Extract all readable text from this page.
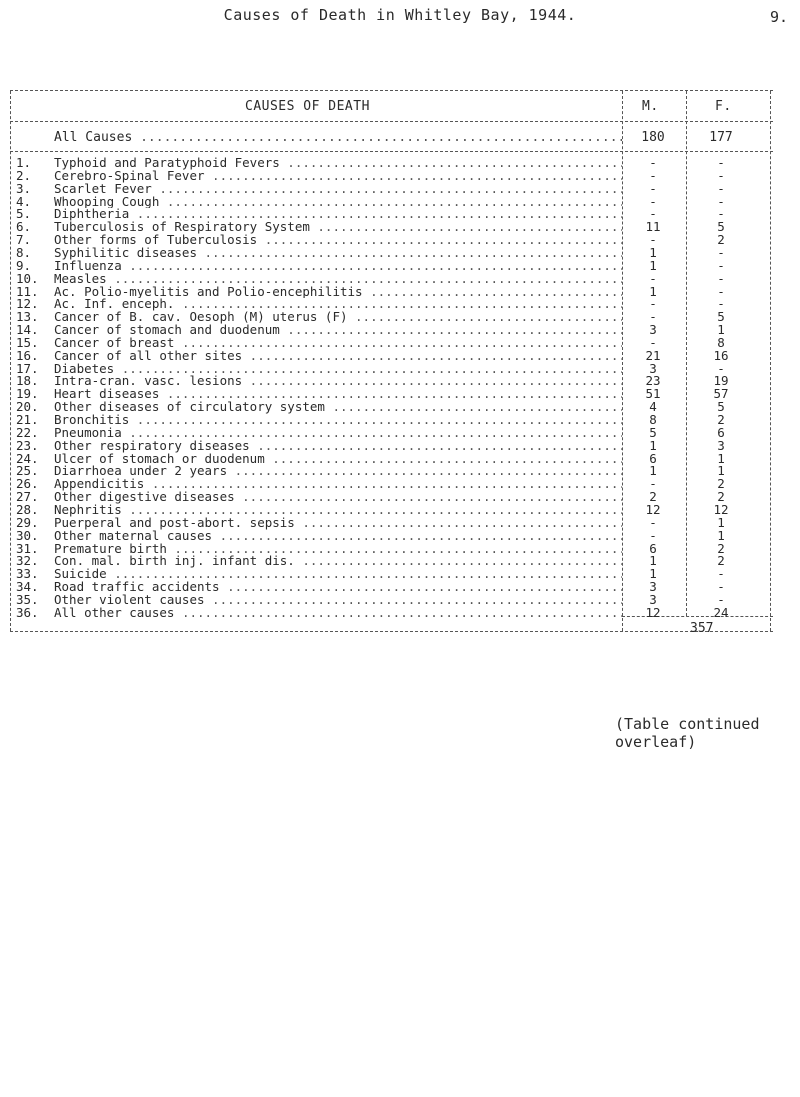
9.
Causes of Death in Whitley Bay, 1944.
CAUSES OF DEATH	M.	F.
All Causes .....	180	177
1.	Typhoid and Paratyphoid Fevers .....	-	-
2.	Cerebro-Spinal Fever .....	-	-
3.	Scarlet Fever .....	-	-
4.	Whooping Cough .....	-	-
5.	Diphtheria .....	-	-
6.	Tuberculosis of Respiratory System .....	11	5
7.	Other forms of Tuberculosis .....	-	2
8.	Syphilitic diseases .....	1	-
9.	Influenza .....	1	-
10.	Measles .....	-	-
11.	Ac. Polio-myelitis and Polio-encephilitis .....	1	-
12.	Ac. Inf. enceph. .....	-	-
13.	Cancer of B. cav. Oesoph (M) uterus (F) .....	-	5
14.	Cancer of stomach and duodenum .....	3	1
15.	Cancer of breast .....	-	8
16.	Cancer of all other sites .....	21	16
17.	Diabetes .....	3	-
18.	Intra-cran. vasc. lesions .....	23	19
19.	Heart diseases .....	51	57
20.	Other diseases of circulatory system .....	4	5
21.	Bronchitis .....	8	2
22.	Pneumonia .....	5	6
23.	Other respiratory diseases .....	1	3
24.	Ulcer of stomach or duodenum .....	6	1
25.	Diarrhoea under 2 years .....	1	1
26.	Appendicitis .....	-	2
27.	Other digestive diseases .....	2	2
28.	Nephritis .....	12	12
29.	Puerperal and post-abort. sepsis .....	-	1
30.	Other maternal causes .....	-	1
31.	Premature birth .....	6	2
32.	Con. mal. birth inj. infant dis. .....	1	2
33.	Suicide .....	1	-
34.	Road traffic accidents .....	3	-
35.	Other violent causes .....	3	-
36.	All other causes .....	12	24
357
(Table continued overleaf)
